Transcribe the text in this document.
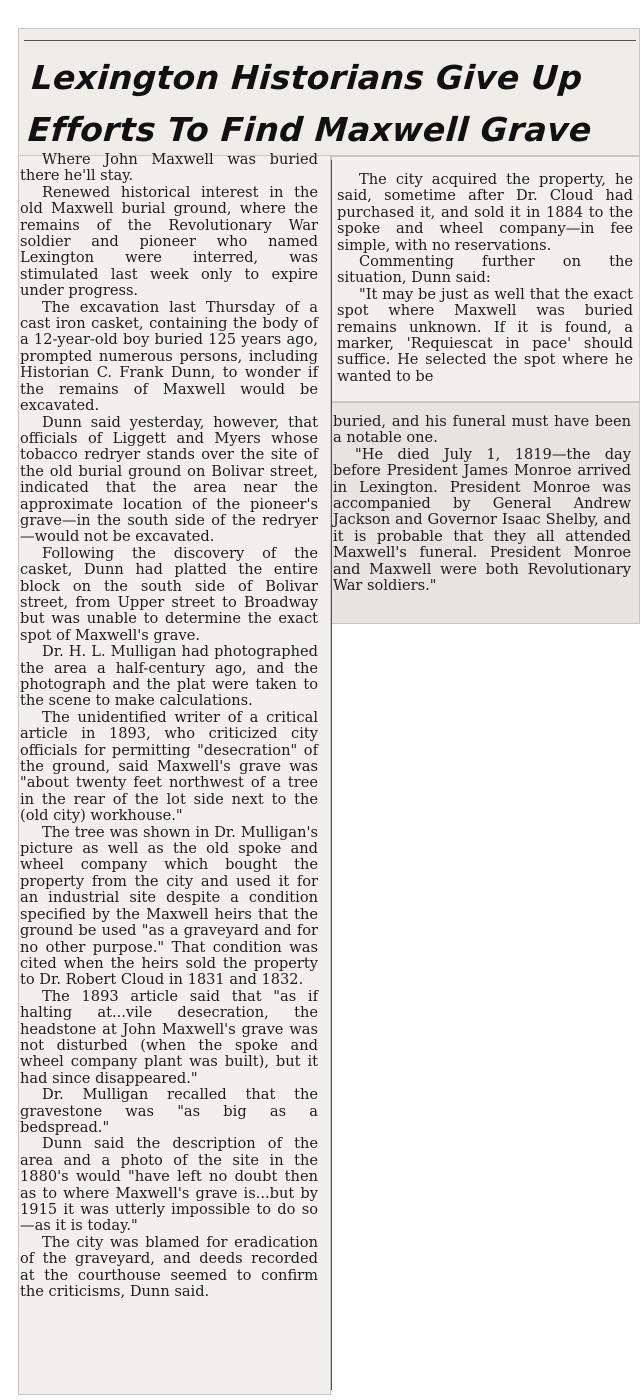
Lexington Historians Give Up
Efforts To Find Maxwell Grave

Where John Maxwell was buried there he'll stay.

Renewed historical interest in the old Maxwell burial ground, where the remains of the Revolutionary War soldier and pioneer who named Lexington were interred, was stimulated last week only to expire under progress.

The excavation last Thursday of a cast iron casket, containing the body of a 12-year-old boy buried 125 years ago, prompted numerous persons, including Historian C. Frank Dunn, to wonder if the remains of Maxwell would be excavated.

Dunn said yesterday, however, that officials of Liggett and Myers whose tobacco redryer stands over the site of the old burial ground on Bolivar street, indicated that the area near the approximate location of the pioneer's grave—in the south side of the redryer—would not be excavated.

Following the discovery of the casket, Dunn had platted the entire block on the south side of Bolivar street, from Upper street to Broadway but was unable to determine the exact spot of Maxwell's grave.

Dr. H. L. Mulligan had photographed the area a half-century ago, and the photograph and the plat were taken to the scene to make calculations.

The unidentified writer of a critical article in 1893, who criticized city officials for permitting "desecration" of the ground, said Maxwell's grave was "about twenty feet northwest of a tree in the rear of the lot side next to the (old city) workhouse."

The tree was shown in Dr. Mulligan's picture as well as the old spoke and wheel company which bought the property from the city and used it for an industrial site despite a condition specified by the Maxwell heirs that the ground be used "as a graveyard and for no other purpose." That condition was cited when the heirs sold the property to Dr. Robert Cloud in 1831 and 1832.

The 1893 article said that "as if halting at...vile desecration, the headstone at John Maxwell's grave was not disturbed (when the spoke and wheel company plant was built), but it had since disappeared."

Dr. Mulligan recalled that the gravestone was "as big as a bedspread."

Dunn said the description of the area and a photo of the site in the 1880's would "have left no doubt then as to where Maxwell's grave is...but by 1915 it was utterly impossible to do so—as it is today."

The city was blamed for eradication of the graveyard, and deeds recorded at the courthouse seemed to confirm the criticisms, Dunn said.

The city acquired the property, he said, sometime after Dr. Cloud had purchased it, and sold it in 1884 to the spoke and wheel company—in fee simple, with no reservations.

Commenting further on the situation, Dunn said:

"It may be just as well that the exact spot where Maxwell was buried remains unknown. If it is found, a marker, 'Requiescat in pace' should suffice. He selected the spot where he wanted to be

buried, and his funeral must have been a notable one.

"He died July 1, 1819—the day before President James Monroe arrived in Lexington. President Monroe was accompanied by General Andrew Jackson and Governor Isaac Shelby, and it is probable that they all attended Maxwell's funeral. President Monroe and Maxwell were both Revolutionary War soldiers."
